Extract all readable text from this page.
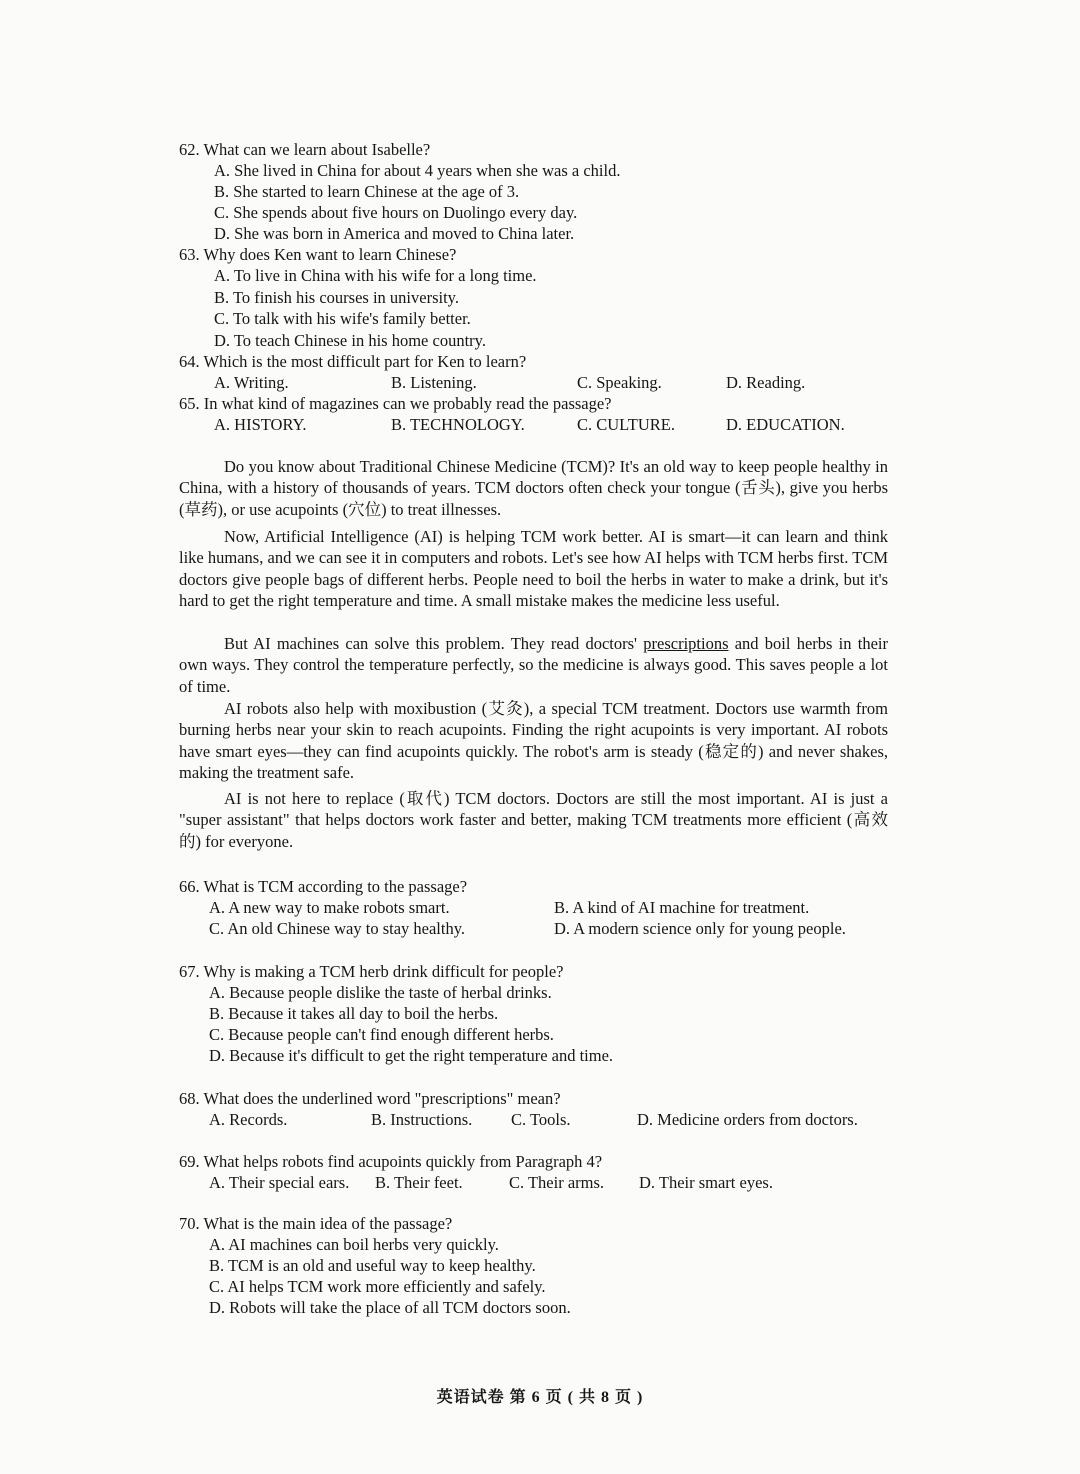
62. What can we learn about Isabelle?
A. She lived in China for about 4 years when she was a child.
B. She started to learn Chinese at the age of 3.
C. She spends about five hours on Duolingo every day.
D. She was born in America and moved to China later.
63. Why does Ken want to learn Chinese?
A. To live in China with his wife for a long time.
B. To finish his courses in university.
C. To talk with his wife's family better.
D. To teach Chinese in his home country.
64. Which is the most difficult part for Ken to learn?
A. Writing.	B. Listening.	C. Speaking.	D. Reading.
65. In what kind of magazines can we probably read the passage?
A. HISTORY.	B. TECHNOLOGY.	C. CULTURE.	D. EDUCATION.
Do you know about Traditional Chinese Medicine (TCM)? It's an old way to keep people healthy in China, with a history of thousands of years. TCM doctors often check your tongue (舌头), give you herbs (草药), or use acupoints (穴位) to treat illnesses.
Now, Artificial Intelligence (AI) is helping TCM work better. AI is smart—it can learn and think like humans, and we can see it in computers and robots. Let's see how AI helps with TCM herbs first. TCM doctors give people bags of different herbs. People need to boil the herbs in water to make a drink, but it's hard to get the right temperature and time. A small mistake makes the medicine less useful.
But AI machines can solve this problem. They read doctors' prescriptions and boil herbs in their own ways. They control the temperature perfectly, so the medicine is always good. This saves people a lot of time.
AI robots also help with moxibustion (艾灸), a special TCM treatment. Doctors use warmth from burning herbs near your skin to reach acupoints. Finding the right acupoints is very important. AI robots have smart eyes—they can find acupoints quickly. The robot's arm is steady (稳定的) and never shakes, making the treatment safe.
AI is not here to replace (取代) TCM doctors. Doctors are still the most important. AI is just a "super assistant" that helps doctors work faster and better, making TCM treatments more efficient (高效的) for everyone.
66. What is TCM according to the passage?
A. A new way to make robots smart.	B. A kind of AI machine for treatment.
C. An old Chinese way to stay healthy.	D. A modern science only for young people.
67. Why is making a TCM herb drink difficult for people?
A. Because people dislike the taste of herbal drinks.
B. Because it takes all day to boil the herbs.
C. Because people can't find enough different herbs.
D. Because it's difficult to get the right temperature and time.
68. What does the underlined word "prescriptions" mean?
A. Records.	B. Instructions. C. Tools.	D. Medicine orders from doctors.
69. What helps robots find acupoints quickly from Paragraph 4?
A. Their special ears. B. Their feet.	C. Their arms. D. Their smart eyes.
70. What is the main idea of the passage?
A. AI machines can boil herbs very quickly.
B. TCM is an old and useful way to keep healthy.
C. AI helps TCM work more efficiently and safely.
D. Robots will take the place of all TCM doctors soon.
英语试卷 第 6 页 ( 共 8 页 )
